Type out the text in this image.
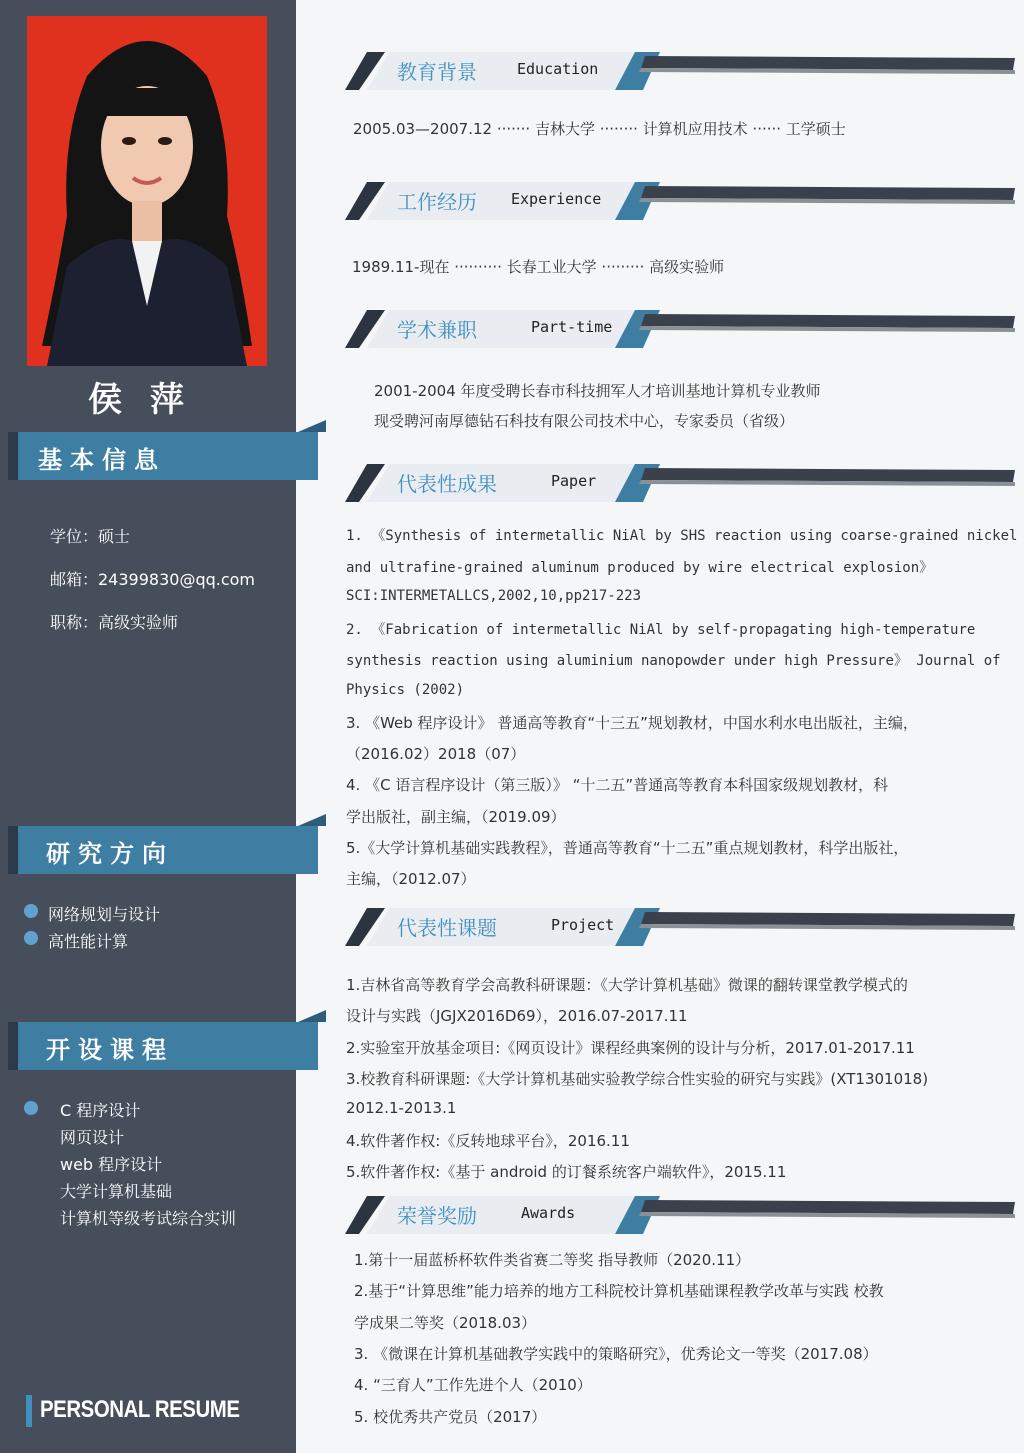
侯 萍
基本信息
学位：硕士
邮箱：24399830@qq.com
职称：高级实验师
研究方向
网络规划与设计
高性能计算
开设课程
C 程序设计
网页设计
web 程序设计
大学计算机基础
计算机等级考试综合实训
PERSONAL RESUME
教育背景	Education
2005.03—2007.12 ······· 吉林大学 ········ 计算机应用技术 ······ 工学硕士
工作经历 Experience
1989.11-现在 ·········· 长春工业大学 ········· 高级实验师
学术兼职	Part-time
2001-2004 年度受聘长春市科技拥军人才培训基地计算机专业教师
现受聘河南厚德钻石科技有限公司技术中心，专家委员（省级）
代表性成果	Paper
1. 《Synthesis of intermetallic NiAl by SHS reaction using coarse-grained nickel
and ultrafine-grained aluminum produced by wire electrical explosion》
SCI:INTERMETALLCS,2002,10,pp217-223
2. 《Fabrication of intermetallic NiAl by self-propagating high-temperature
synthesis reaction using aluminium nanopowder under high Pressure》 Journal of
Physics (2002)
3. 《Web 程序设计》 普通高等教育“十三五”规划教材，中国水利水电出版社，主编，
（2016.02）2018（07）
4. 《C 语言程序设计（第三版）》 “十二五”普通高等教育本科国家级规划教材，科
学出版社，副主编，（2019.09）
5.《大学计算机基础实践教程》，普通高等教育“十二五”重点规划教材，科学出版社，
主编，（2012.07）
代表性课题	Project
1.吉林省高等教育学会高教科研课题：《大学计算机基础》微课的翻转课堂教学模式的
设计与实践（JGJX2016D69），2016.07-2017.11
2.实验室开放基金项目:《网页设计》课程经典案例的设计与分析，2017.01-2017.11
3.校教育科研课题:《大学计算机基础实验教学综合性实验的研究与实践》(XT1301018)
2012.1-2013.1
4.软件著作权:《反转地球平台》，2016.11
5.软件著作权:《基于 android 的订餐系统客户端软件》，2015.11
荣誉奖励	Awards
1.第十一届蓝桥杯软件类省赛二等奖 指导教师（2020.11）
2.基于“计算思维”能力培养的地方工科院校计算机基础课程教学改革与实践 校教
学成果二等奖（2018.03）
3. 《微课在计算机基础教学实践中的策略研究》，优秀论文一等奖（2017.08）
4. “三育人”工作先进个人（2010）
5. 校优秀共产党员（2017）
